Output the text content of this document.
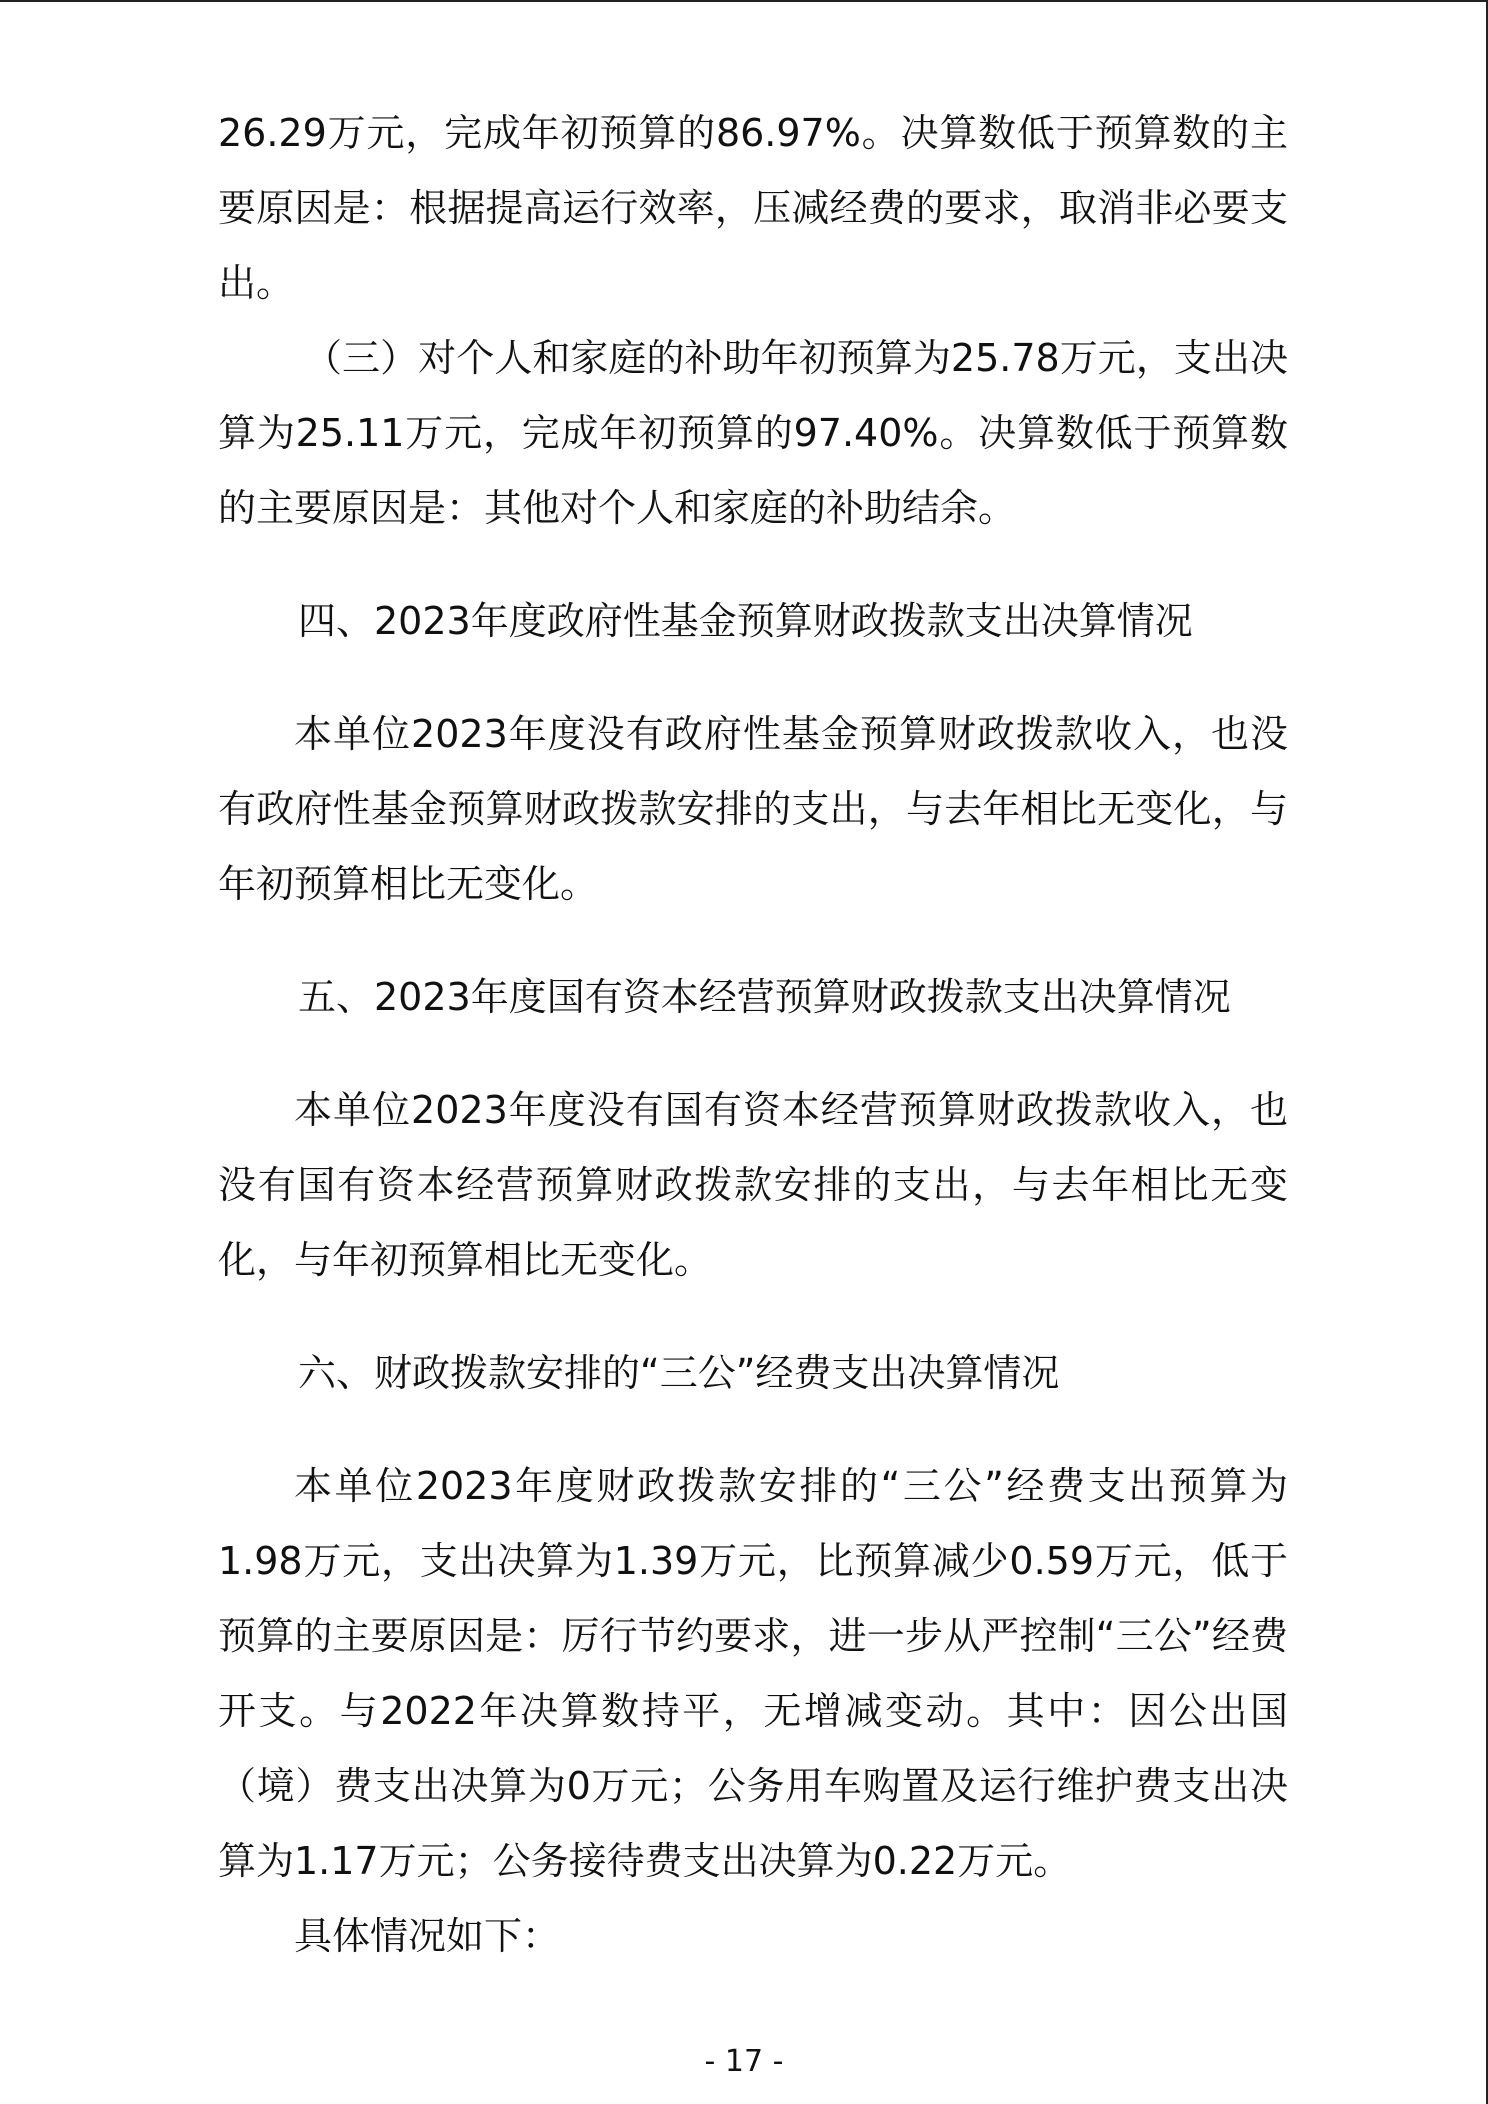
26.29万元，完成年初预算的86.97%。决算数低于预算数的主要原因是：根据提高运行效率，压减经费的要求，取消非必要支出。

（三）对个人和家庭的补助年初预算为25.78万元，支出决算为25.11万元，完成年初预算的97.40%。决算数低于预算数的主要原因是：其他对个人和家庭的补助结余。

四、2023年度政府性基金预算财政拨款支出决算情况

本单位2023年度没有政府性基金预算财政拨款收入，也没有政府性基金预算财政拨款安排的支出，与去年相比无变化，与年初预算相比无变化。

五、2023年度国有资本经营预算财政拨款支出决算情况

本单位2023年度没有国有资本经营预算财政拨款收入，也没有国有资本经营预算财政拨款安排的支出，与去年相比无变化，与年初预算相比无变化。

六、财政拨款安排的“三公”经费支出决算情况

本单位2023年度财政拨款安排的“三公”经费支出预算为1.98万元，支出决算为1.39万元，比预算减少0.59万元，低于预算的主要原因是：厉行节约要求，进一步从严控制“三公”经费开支。与2022年决算数持平，无增减变动。其中：因公出国（境）费支出决算为0万元；公务用车购置及运行维护费支出决算为1.17万元；公务接待费支出决算为0.22万元。

具体情况如下：

- 17 -
